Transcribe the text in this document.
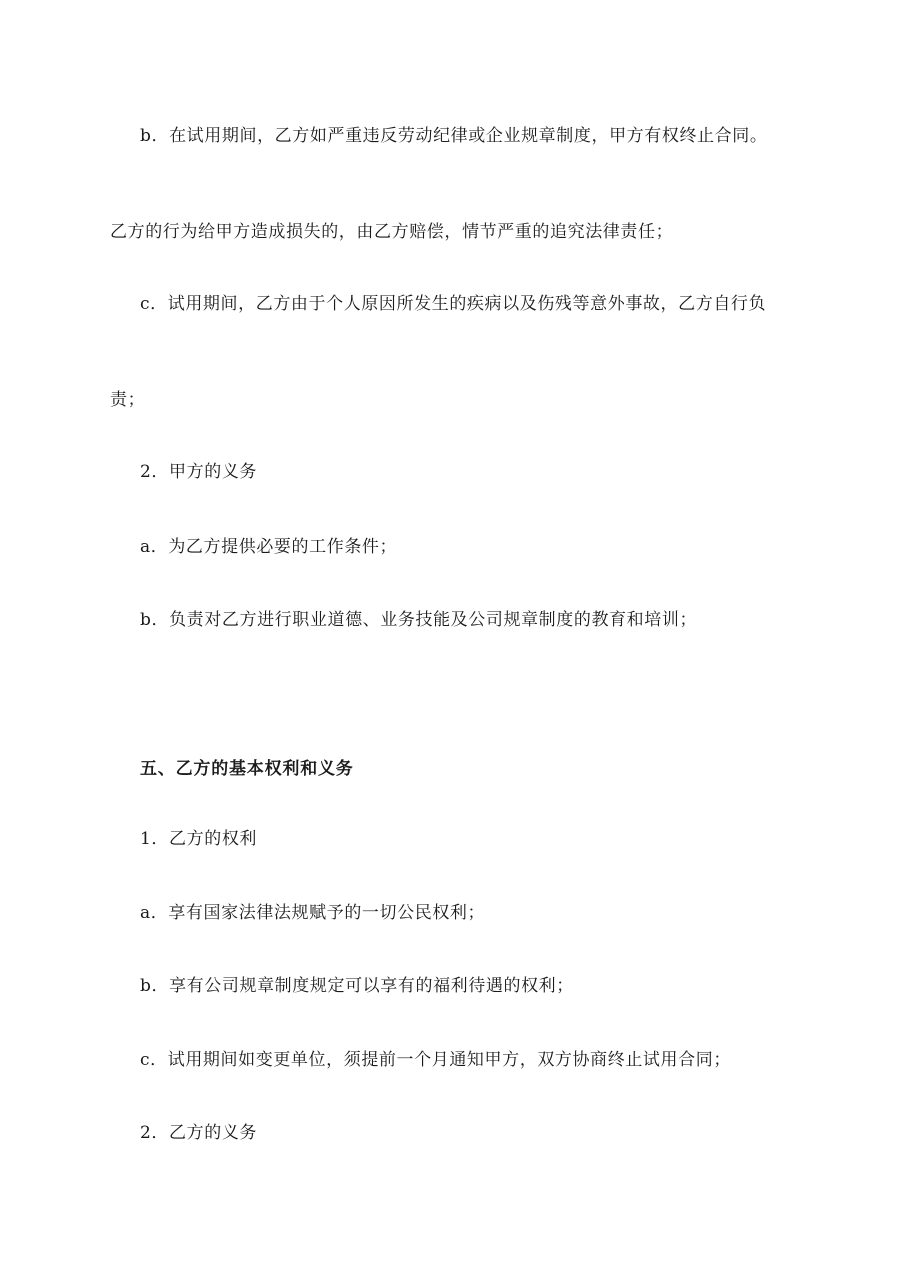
b．在试用期间，乙方如严重违反劳动纪律或企业规章制度，甲方有权终止合同。
乙方的行为给甲方造成损失的，由乙方赔偿，情节严重的追究法律责任；
c．试用期间，乙方由于个人原因所发生的疾病以及伤残等意外事故，乙方自行负
责；
2．甲方的义务
a．为乙方提供必要的工作条件；
b．负责对乙方进行职业道德、业务技能及公司规章制度的教育和培训；
五、乙方的基本权利和义务
1．乙方的权利
a．享有国家法律法规赋予的一切公民权利；
b．享有公司规章制度规定可以享有的福利待遇的权利；
c．试用期间如变更单位，须提前一个月通知甲方，双方协商终止试用合同；
2．乙方的义务
